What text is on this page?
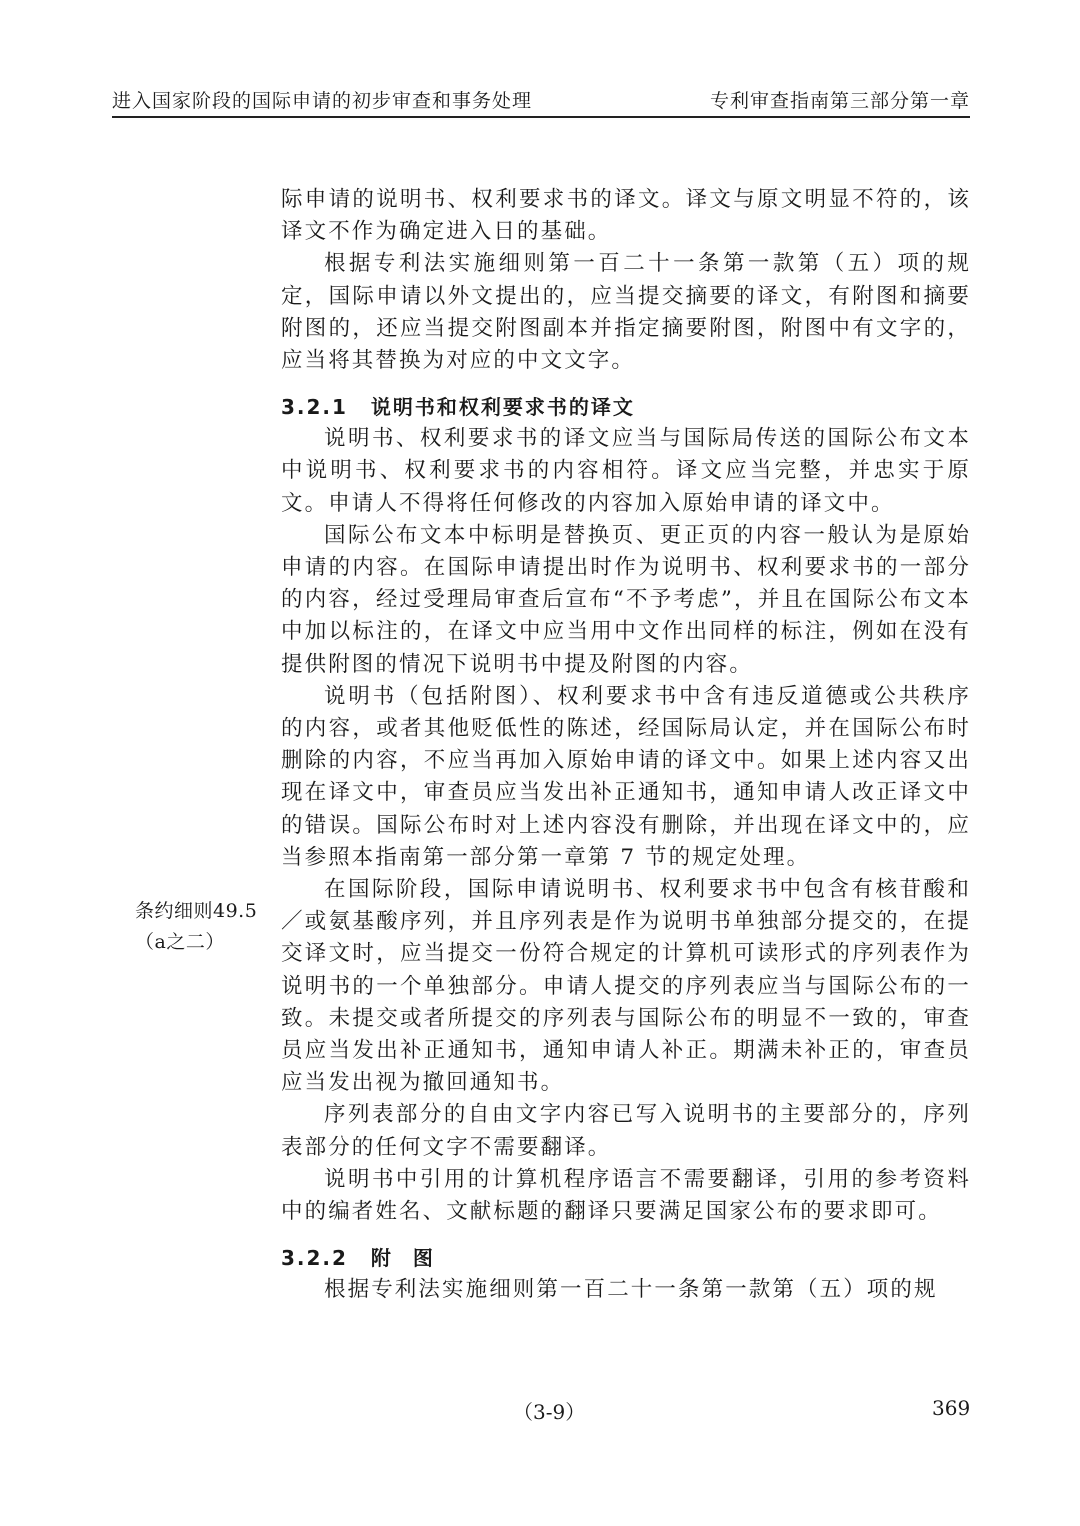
进入国家阶段的国际申请的初步审查和事务处理	专利审查指南第三部分第一章

际申请的说明书、权利要求书的译文。译文与原文明显不符的，该译文不作为确定进入日的基础。

根据专利法实施细则第一百二十一条第一款第（五）项的规定，国际申请以外文提出的，应当提交摘要的译文，有附图和摘要附图的，还应当提交附图副本并指定摘要附图，附图中有文字的，应当将其替换为对应的中文文字。

3.2.1 说明书和权利要求书的译文

说明书、权利要求书的译文应当与国际局传送的国际公布文本中说明书、权利要求书的内容相符。译文应当完整，并忠实于原文。申请人不得将任何修改的内容加入原始申请的译文中。

国际公布文本中标明是替换页、更正页的内容一般认为是原始申请的内容。在国际申请提出时作为说明书、权利要求书的一部分的内容，经过受理局审查后宣布“不予考虑”，并且在国际公布文本中加以标注的，在译文中应当用中文作出同样的标注，例如在没有提供附图的情况下说明书中提及附图的内容。

说明书（包括附图）、权利要求书中含有违反道德或公共秩序的内容，或者其他贬低性的陈述，经国际局认定，并在国际公布时删除的内容，不应当再加入原始申请的译文中。如果上述内容又出现在译文中，审查员应当发出补正通知书，通知申请人改正译文中的错误。国际公布时对上述内容没有删除，并出现在译文中的，应当参照本指南第一部分第一章第 7 节的规定处理。

在国际阶段，国际申请说明书、权利要求书中包含有核苷酸和／或氨基酸序列，并且序列表是作为说明书单独部分提交的，在提交译文时，应当提交一份符合规定的计算机可读形式的序列表作为说明书的一个单独部分。申请人提交的序列表应当与国际公布的一致。未提交或者所提交的序列表与国际公布的明显不一致的，审查员应当发出补正通知书，通知申请人补正。期满未补正的，审查员应当发出视为撤回通知书。

序列表部分的自由文字内容已写入说明书的主要部分的，序列表部分的任何文字不需要翻译。

说明书中引用的计算机程序语言不需要翻译，引用的参考资料中的编者姓名、文献标题的翻译只要满足国家公布的要求即可。

3.2.2 附图

根据专利法实施细则第一百二十一条第一款第（五）项的规

条约细则49.5
（a之二）
（3-9）	369
